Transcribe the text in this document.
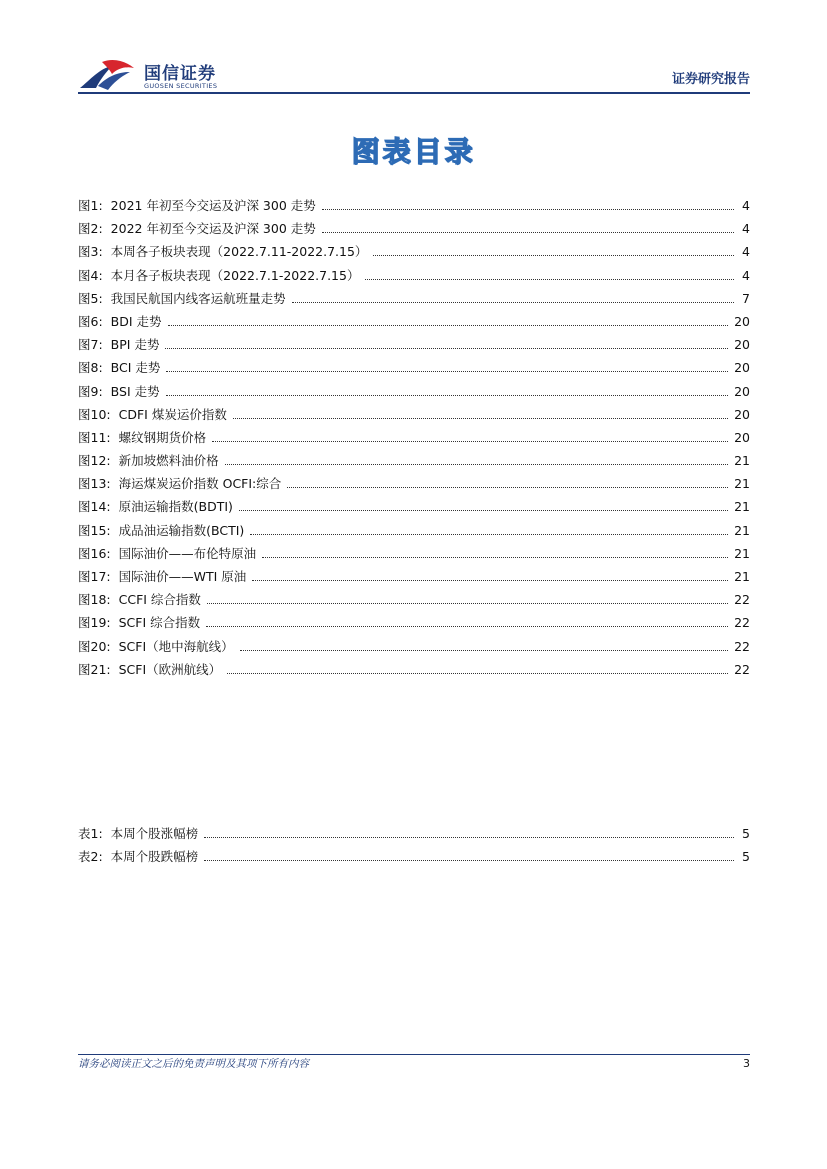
国信证券
GUOSEN SECURITIES	证券研究报告
图表目录
图1: 2021 年初至今交运及沪深 300 走势	4
图2: 2022 年初至今交运及沪深 300 走势	4
图3: 本周各子板块表现（2022.7.11-2022.7.15）	4
图4: 本月各子板块表现（2022.7.1-2022.7.15）	4
图5: 我国民航国内线客运航班量走势	7
图6: BDI 走势	20
图7: BPI 走势	20
图8: BCI 走势	20
图9: BSI 走势	20
图10: CDFI 煤炭运价指数	20
图11: 螺纹钢期货价格	20
图12: 新加坡燃料油价格	21
图13: 海运煤炭运价指数 OCFI:综合	21
图14: 原油运输指数(BDTI)	21
图15: 成品油运输指数(BCTI)	21
图16: 国际油价——布伦特原油	21
图17: 国际油价——WTI 原油	21
图18: CCFI 综合指数	22
图19: SCFI 综合指数	22
图20: SCFI（地中海航线）	22
图21: SCFI（欧洲航线）	22
表1: 本周个股涨幅榜	5
表2: 本周个股跌幅榜	5
请务必阅读正文之后的免责声明及其项下所有内容	3
